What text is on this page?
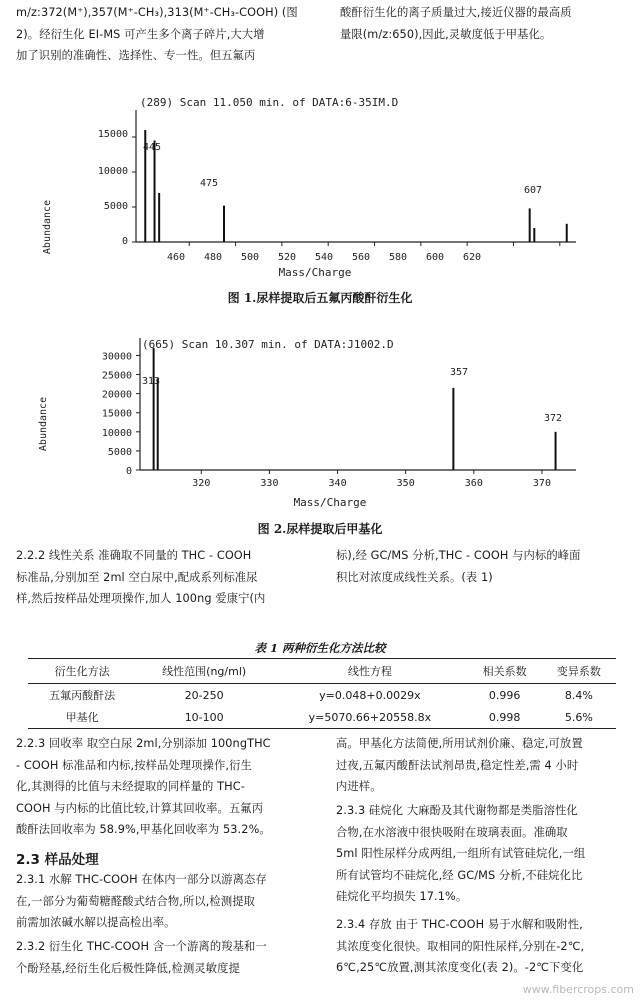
m/z:372(M⁺),357(M⁺-CH₃),313(M⁺-CH₃-COOH) (图

2)。经衍生化 EI-MS 可产生多个离子碎片,大大增

加了识别的准确性、选择性、专一性。但五氟丙

酸酐衍生化的离子质量过大,接近仪器的最高质

量限(m/z:650),因此,灵敏度低于甲基化。

(289) Scan 11.050 min. of DATA:6-35IM.D
Abundance
Mass/Charge
445
475
607
15000
10000
5000
0
460 480 500 520 540 560 580 600 620
图 1.尿样提取后五氟丙酸酐衍生化
(665) Scan 10.307 min. of DATA:J1002.D
Abundance
Mass/Charge
313
357
372
30000
25000
20000
15000
10000
5000
0
320	330	340	350	360	370
图 2.尿样提取后甲基化

2.2.2 线性关系 准确取不同量的 THC - COOH

标准品,分别加至 2ml 空白尿中,配成系列标准尿

样,然后按样品处理项操作,加人 100ng 爱康宁(内

标),经 GC/MS 分析,THC - COOH 与内标的峰面

积比对浓度成线性关系。(表 1)

表 1 两种衍生化方法比较
衍生化方法	线性范围(ng/ml)	线性方程	相关系数	变异系数
五氟丙酸酐法	20-250	y=0.048+0.0029x	0.996	8.4%
甲基化	10-100	y=5070.66+20558.8x	0.998	5.6%

2.2.3 回收率 取空白尿 2ml,分别添加 100ngTHC

- COOH 标准品和内标,按样品处理项操作,衍生

化,其测得的比值与未经提取的同样量的 THC-

COOH 与内标的比值比较,计算其回收率。五氟丙

酸酐法回收率为 58.9%,甲基化回收率为 53.2%。

2.3 样品处理

2.3.1 水解 THC-COOH 在体内一部分以游离态存

在,一部分为葡萄糖醛酸式结合物,所以,检测提取

前需加浓碱水解以提高检出率。

2.3.2 衍生化 THC-COOH 含一个游离的羧基和一

个酚羟基,经衍生化后极性降低,检测灵敏度提

高。甲基化方法简便,所用试剂价廉、稳定,可放置

过夜,五氟丙酸酐法试剂昂贵,稳定性差,需 4 小时

内进样。

2.3.3 硅烷化 大麻酚及其代谢物都是类脂溶性化

合物,在水溶液中很快吸附在玻璃表面。准确取

5ml 阳性尿样分成两组,一组所有试管硅烷化,一组

所有试管均不硅烷化,经 GC/MS 分析,不硅烷化比

硅烷化平均损失 17.1%。

2.3.4 存放 由于 THC-COOH 易于水解和吸附性,

其浓度变化很快。取相同的阳性尿样,分别在-2℃,

6℃,25℃放置,测其浓度变化(表 2)。-2℃下变化

www.fibercrops.com
